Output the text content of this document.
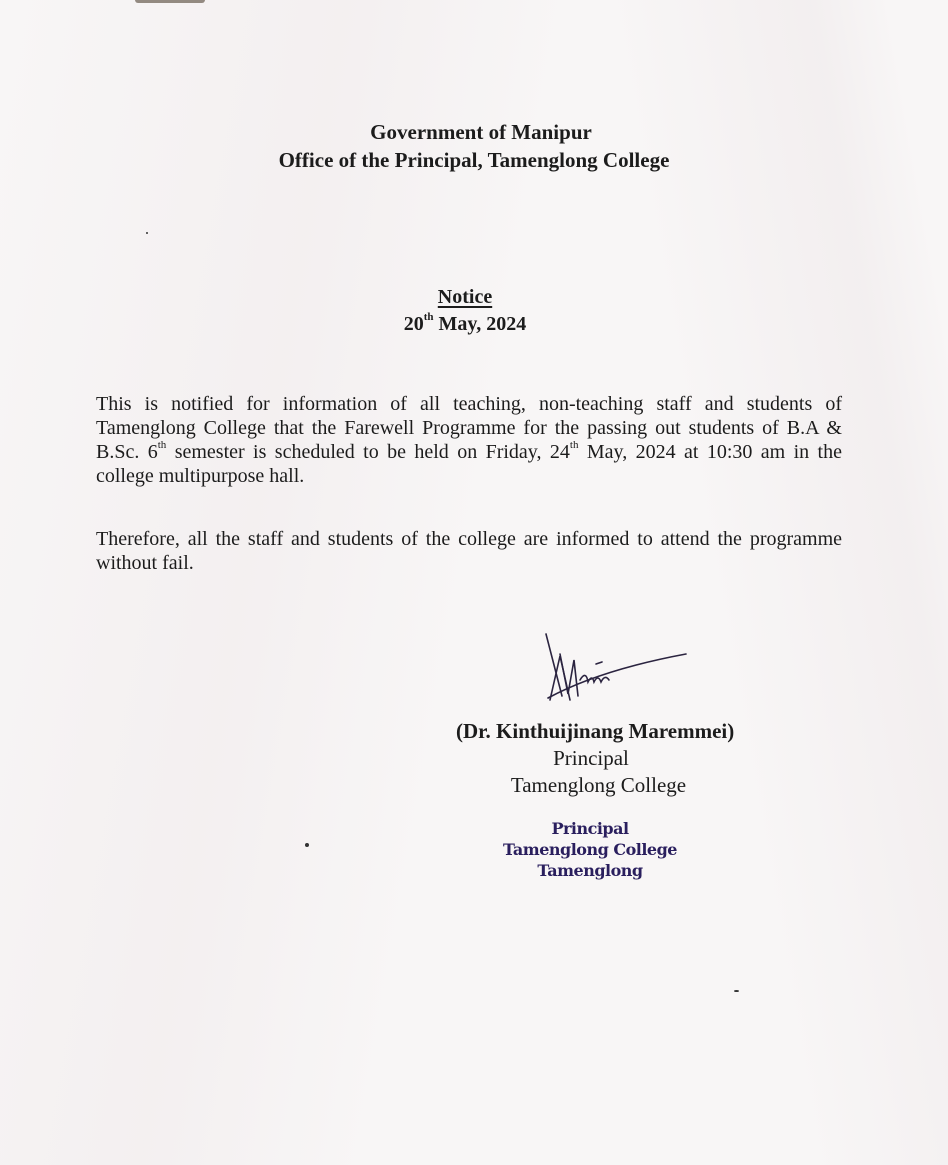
Government of Manipur
Office of the Principal, Tamenglong College
Notice
20th May, 2024
This is notified for information of all teaching, non-teaching staff and students of Tamenglong College that the Farewell Programme for the passing out students of B.A & B.Sc. 6th semester is scheduled to be held on Friday, 24th May, 2024 at 10:30 am in the college multipurpose hall.
Therefore, all the staff and students of the college are informed to attend the programme without fail.
(Dr. Kinthuijinang Maremmei)
Principal
Tamenglong College
Principal
Tamenglong College
Tamenglong
